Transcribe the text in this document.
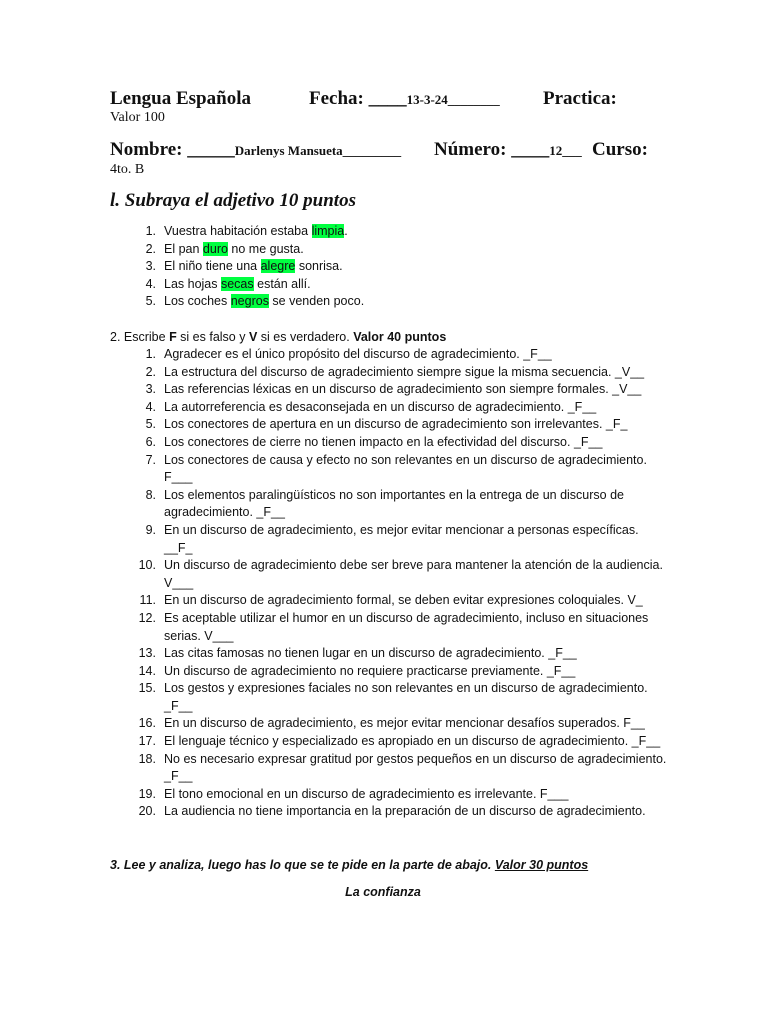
Lengua Española	Fecha: ____13-3-24________ Practica:
Valor 100
Nombre: _____Darlenys Mansueta_________ Número: ____12___ Curso:
4to. B
l. Subraya el adjetivo 10 puntos
1. Vuestra habitación estaba limpia.
2. El pan duro no me gusta.
3. El niño tiene una alegre sonrisa.
4. Las hojas secas están allí.
5. Los coches negros se venden poco.
2. Escribe F si es falso y V si es verdadero. Valor 40 puntos
1. Agradecer es el único propósito del discurso de agradecimiento. _F__
2. La estructura del discurso de agradecimiento siempre sigue la misma secuencia. _V__
3. Las referencias léxicas en un discurso de agradecimiento son siempre formales. _V__
4. La autorreferencia es desaconsejada en un discurso de agradecimiento. _F__
5. Los conectores de apertura en un discurso de agradecimiento son irrelevantes. _F_
6. Los conectores de cierre no tienen impacto en la efectividad del discurso. _F__
7. Los conectores de causa y efecto no son relevantes en un discurso de agradecimiento. F___
8. Los elementos paralingüísticos no son importantes en la entrega de un discurso de agradecimiento. _F__
9. En un discurso de agradecimiento, es mejor evitar mencionar a personas específicas. __F_
10. Un discurso de agradecimiento debe ser breve para mantener la atención de la audiencia. V___
11. En un discurso de agradecimiento formal, se deben evitar expresiones coloquiales. V_
12. Es aceptable utilizar el humor en un discurso de agradecimiento, incluso en situaciones serias. V___
13. Las citas famosas no tienen lugar en un discurso de agradecimiento. _F__
14. Un discurso de agradecimiento no requiere practicarse previamente. _F__
15. Los gestos y expresiones faciales no son relevantes en un discurso de agradecimiento. _F__
16. En un discurso de agradecimiento, es mejor evitar mencionar desafíos superados. F__
17. El lenguaje técnico y especializado es apropiado en un discurso de agradecimiento. _F__
18. No es necesario expresar gratitud por gestos pequeños en un discurso de agradecimiento. _F__
19. El tono emocional en un discurso de agradecimiento es irrelevante. F___
20. La audiencia no tiene importancia en la preparación de un discurso de agradecimiento.
3. Lee y analiza, luego has lo que se te pide en la parte de abajo. Valor 30 puntos
La confianza
